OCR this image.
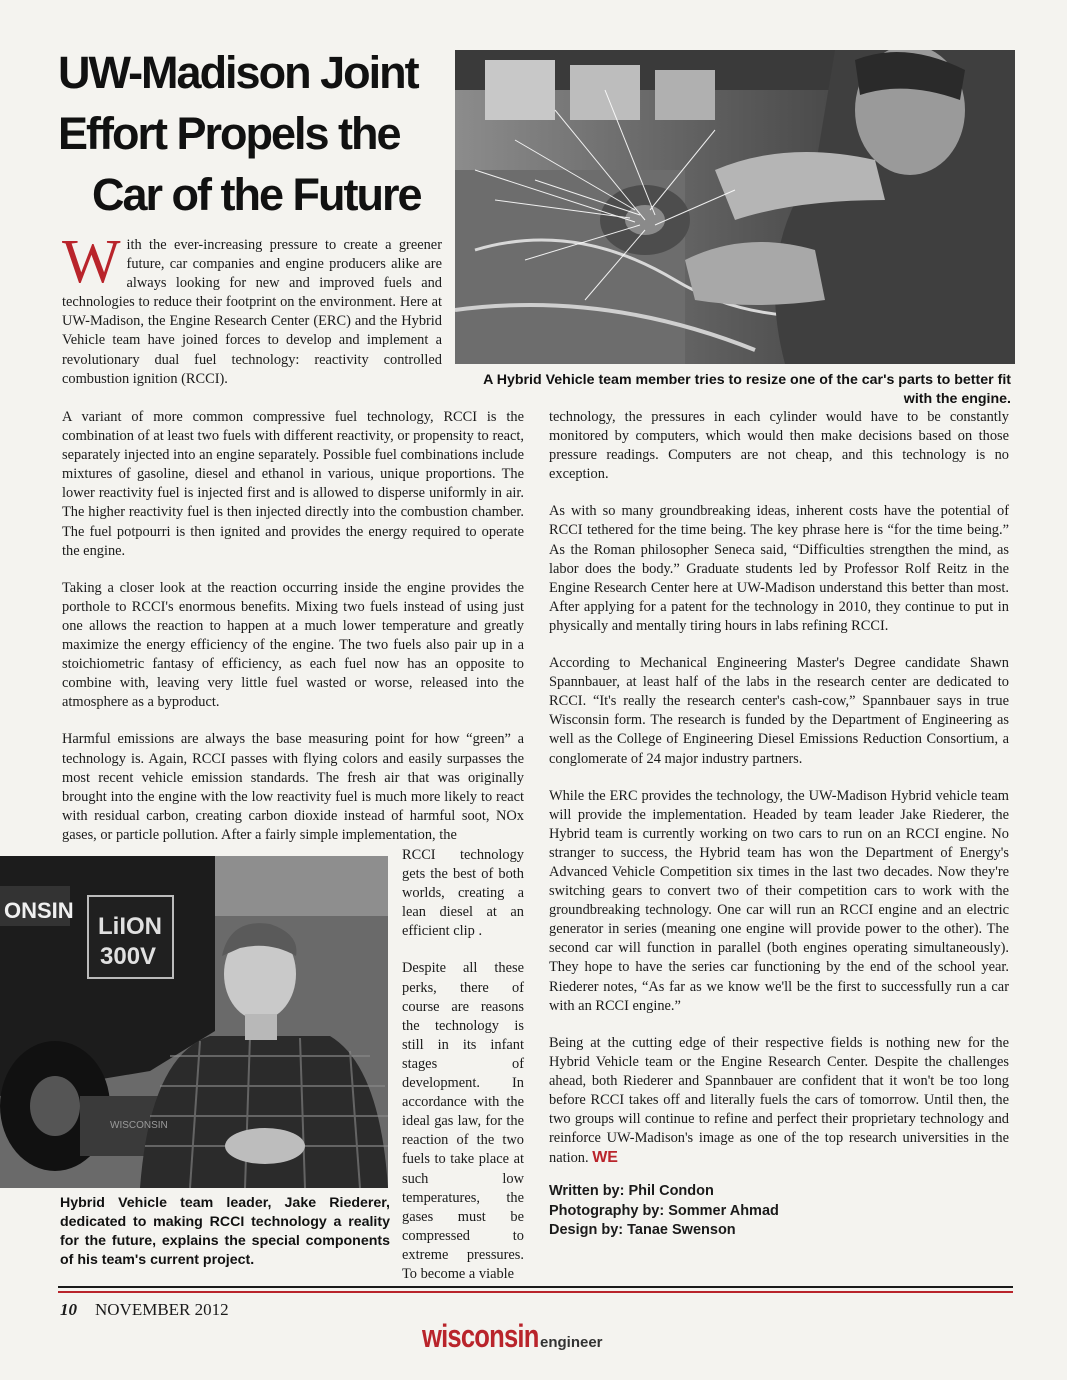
UW-Madison Joint
Effort Propels the
Car of the Future
A Hybrid Vehicle team member tries to resize one of the car's parts to better fit with the engine.
W ith the ever-increasing pressure to create a greener future, car companies and engine producers alike are always looking for new and improved fuels and technologies to reduce their footprint on the environment. Here at UW-Madison, the Engine Research Center (ERC) and the Hybrid Vehicle team have joined forces to develop and implement a revolutionary dual fuel technology: reactivity controlled combustion ignition (RCCI).

A variant of more common compressive fuel technology, RCCI is the combination of at least two fuels with different reactivity, or propensity to react, separately injected into an engine separately. Possible fuel combinations include mixtures of gasoline, diesel and ethanol in various, unique proportions. The lower reactivity fuel is injected first and is allowed to disperse uniformly in air. The higher reactivity fuel is then injected directly into the combustion chamber. The fuel potpourri is then ignited and provides the energy required to operate the engine.

Taking a closer look at the reaction occurring inside the engine provides the porthole to RCCI's enormous benefits. Mixing two fuels instead of using just one allows the reaction to happen at a much lower temperature and greatly maximize the energy efficiency of the engine. The two fuels also pair up in a stoichiometric fantasy of efficiency, as each fuel now has an opposite to combine with, leaving very little fuel wasted or worse, released into the atmosphere as a byproduct.

Harmful emissions are always the base measuring point for how “green” a technology is. Again, RCCI passes with flying colors and easily surpasses the most recent vehicle emission standards. The fresh air that was originally brought into the engine with the low reactivity fuel is much more likely to react with residual carbon, creating carbon dioxide instead of harmful soot, NOx gases, or particle pollution. After a fairly simple implementation, the

RCCI technology gets the best of both worlds, creating a lean diesel at an efficient clip .

Despite all these perks, there of course are reasons the technology is still in its infant stages of development. In accordance with the ideal gas law, for the reaction of the two fuels to take place at such low temperatures, the gases must be compressed to extreme pressures. To become a viable

ONSIN
LiION
300V
WISCONSIN
Hybrid Vehicle team leader, Jake Riederer, dedicated to making RCCI technology a reality for the future, explains the special components of his team's current project.

technology, the pressures in each cylinder would have to be constantly monitored by computers, which would then make decisions based on those pressure readings. Computers are not cheap, and this technology is no exception.

As with so many groundbreaking ideas, inherent costs have the potential of RCCI tethered for the time being. The key phrase here is “for the time being.” As the Roman philosopher Seneca said, “Difficulties strengthen the mind, as labor does the body.” Graduate students led by Professor Rolf Reitz in the Engine Research Center here at UW-Madison understand this better than most. After applying for a patent for the technology in 2010, they continue to put in physically and mentally tiring hours in labs refining RCCI.

According to Mechanical Engineering Master's Degree candidate Shawn Spannbauer, at least half of the labs in the research center are dedicated to RCCI. “It's really the research center's cash-cow,” Spannbauer says in true Wisconsin form. The research is funded by the Department of Engineering as well as the College of Engineering Diesel Emissions Reduction Consortium, a conglomerate of 24 major industry partners.

While the ERC provides the technology, the UW-Madison Hybrid vehicle team will provide the implementation. Headed by team leader Jake Riederer, the Hybrid team is currently working on two cars to run on an RCCI engine. No stranger to success, the Hybrid team has won the Department of Energy's Advanced Vehicle Competition six times in the last two decades. Now they're switching gears to convert two of their competition cars to work with the groundbreaking technology. One car will run an RCCI engine and an electric generator in series (meaning one engine will provide power to the other). The second car will function in parallel (both engines operating simultaneously). They hope to have the series car functioning by the end of the school year. Riederer notes, “As far as we know we'll be the first to successfully run a car with an RCCI engine.”

Being at the cutting edge of their respective fields is nothing new for the Hybrid Vehicle team or the Engine Research Center. Despite the challenges ahead, both Riederer and Spannbauer are confident that it won't be too long before RCCI takes off and literally fuels the cars of tomorrow. Until then, the two groups will continue to refine and perfect their proprietary technology and reinforce UW-Madison's image as one of the top research universities in the nation. WE

Written by: Phil Condon
Photography by: Sommer Ahmad
Design by: Tanae Swenson
10 NOVEMBER 2012
wisconsin engineer
